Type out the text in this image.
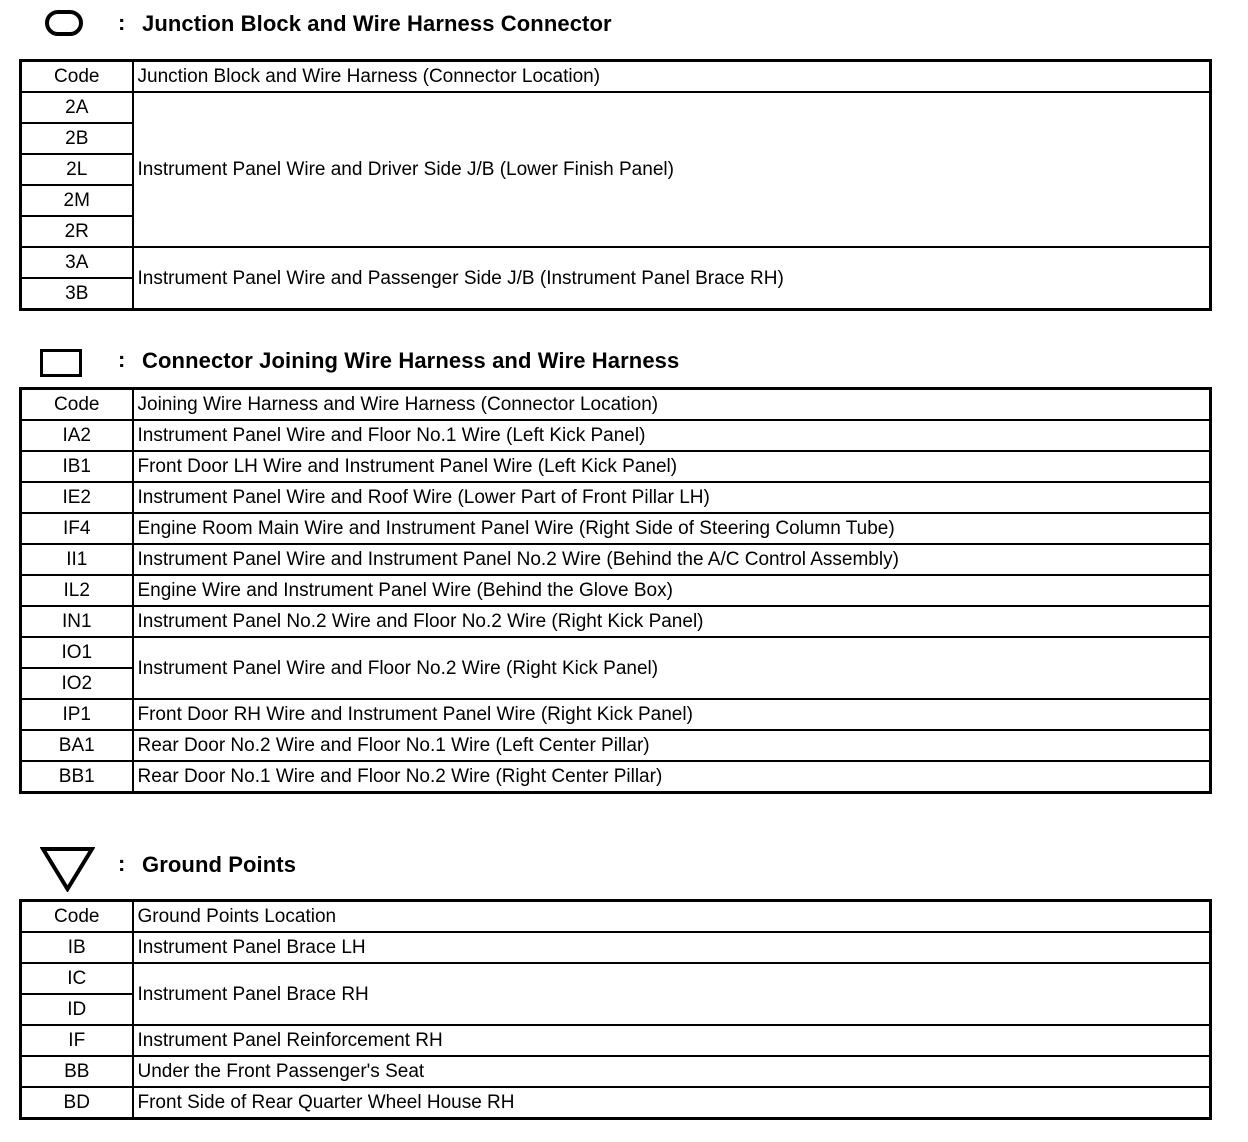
: Junction Block and Wire Harness Connector
Code	Junction Block and Wire Harness (Connector Location)
2A	Instrument Panel Wire and Driver Side J/B (Lower Finish Panel)
2B	
2L	
2M	
2R	
3A	Instrument Panel Wire and Passenger Side J/B (Instrument Panel Brace RH)
3B	
: Connector Joining Wire Harness and Wire Harness
Code	Joining Wire Harness and Wire Harness (Connector Location)
IA2	Instrument Panel Wire and Floor No.1 Wire (Left Kick Panel)
IB1	Front Door LH Wire and Instrument Panel Wire (Left Kick Panel)
IE2	Instrument Panel Wire and Roof Wire (Lower Part of Front Pillar LH)
IF4	Engine Room Main Wire and Instrument Panel Wire (Right Side of Steering Column Tube)
II1	Instrument Panel Wire and Instrument Panel No.2 Wire (Behind the A/C Control Assembly)
IL2	Engine Wire and Instrument Panel Wire (Behind the Glove Box)
IN1	Instrument Panel No.2 Wire and Floor No.2 Wire (Right Kick Panel)
IO1	Instrument Panel Wire and Floor No.2 Wire (Right Kick Panel)
IO2	
IP1	Front Door RH Wire and Instrument Panel Wire (Right Kick Panel)
BA1	Rear Door No.2 Wire and Floor No.1 Wire (Left Center Pillar)
BB1	Rear Door No.1 Wire and Floor No.2 Wire (Right Center Pillar)
: Ground Points
Code	Ground Points Location
IB	Instrument Panel Brace LH
IC	Instrument Panel Brace RH
ID	
IF	Instrument Panel Reinforcement RH
BB	Under the Front Passenger's Seat
BD	Front Side of Rear Quarter Wheel House RH
